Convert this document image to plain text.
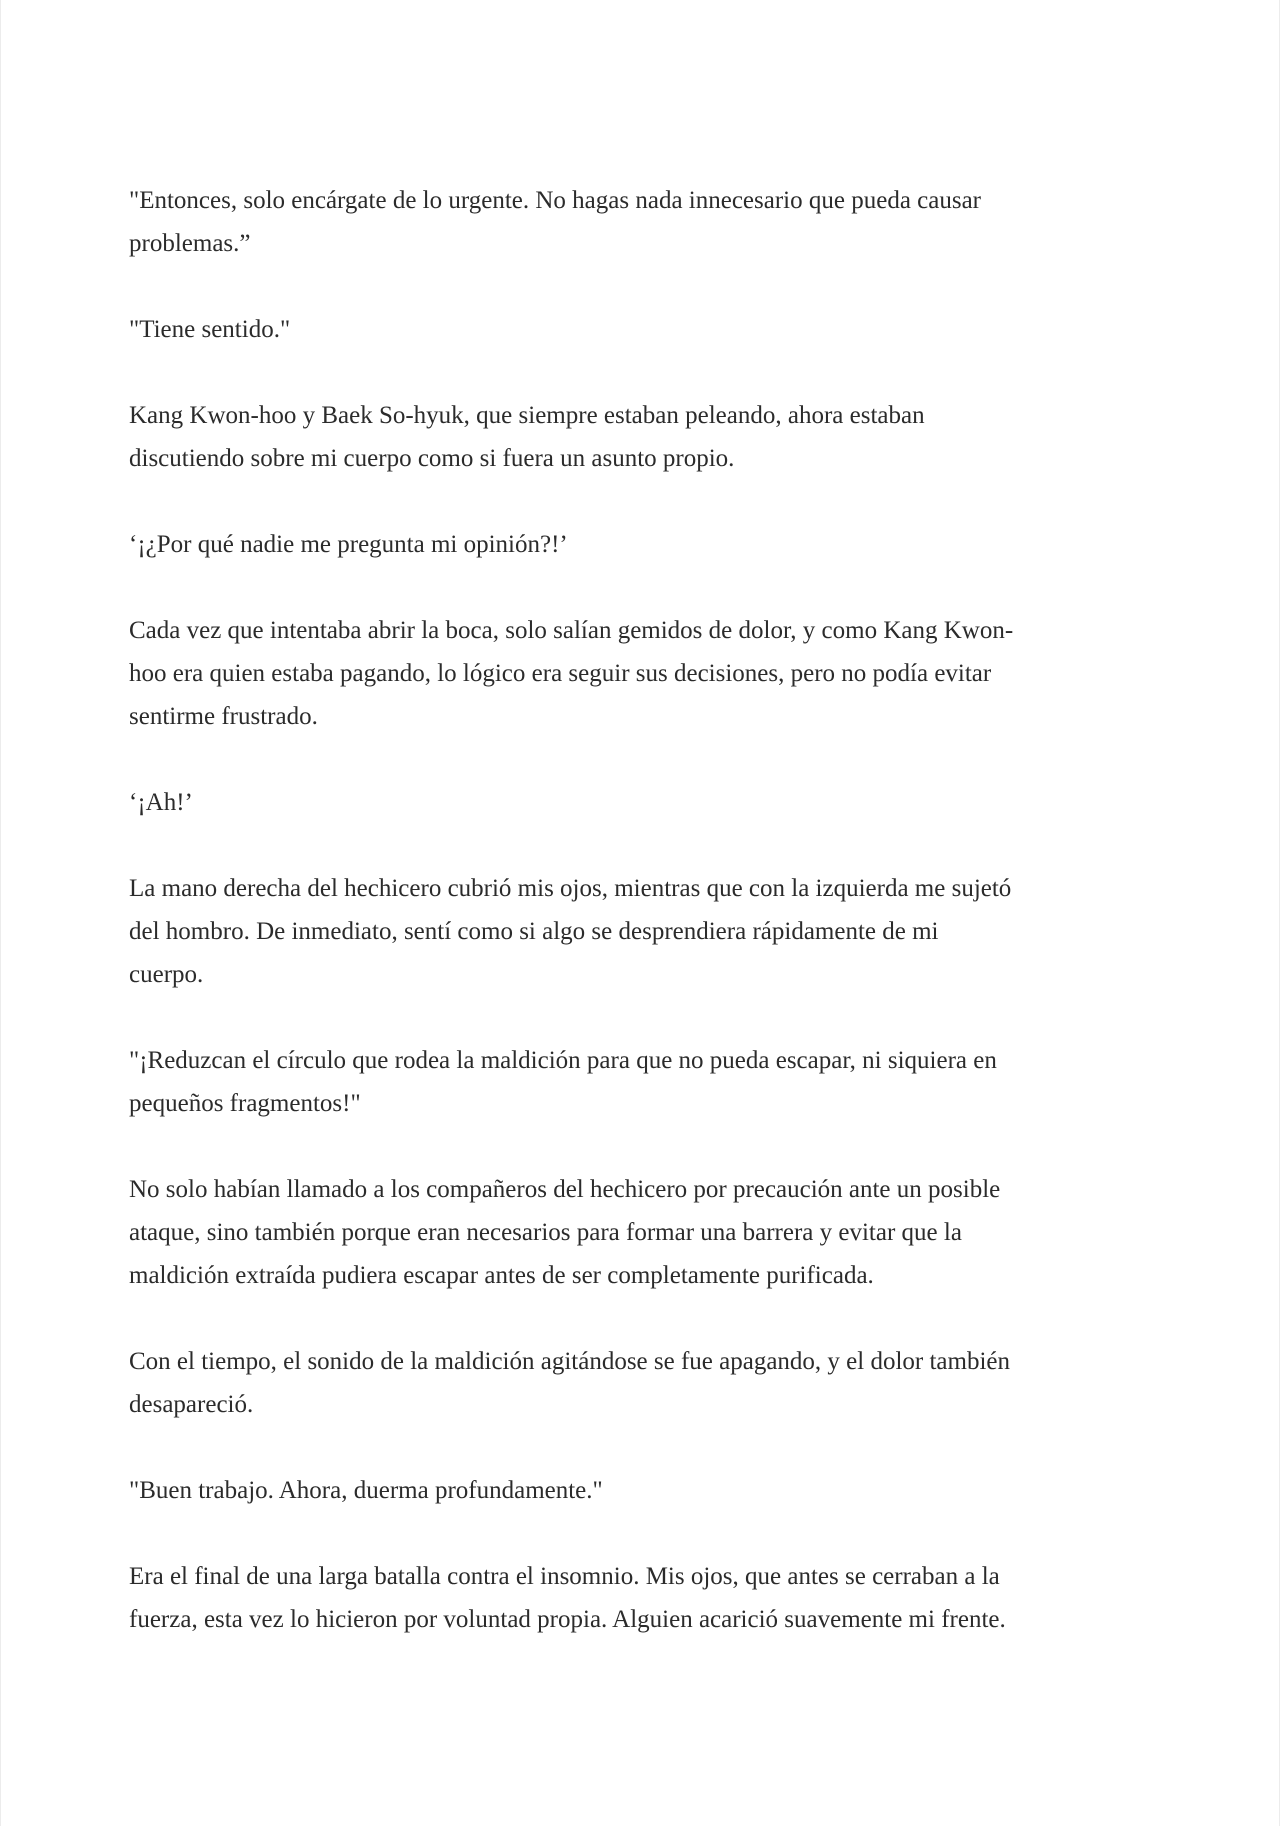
"Entonces, solo encárgate de lo urgente. No hagas nada innecesario que pueda causar
problemas.”

"Tiene sentido."

Kang Kwon-hoo y Baek So-hyuk, que siempre estaban peleando, ahora estaban
discutiendo sobre mi cuerpo como si fuera un asunto propio.

‘¡¿Por qué nadie me pregunta mi opinión?!’

Cada vez que intentaba abrir la boca, solo salían gemidos de dolor, y como Kang Kwon-
hoo era quien estaba pagando, lo lógico era seguir sus decisiones, pero no podía evitar
sentirme frustrado.

‘¡Ah!’

La mano derecha del hechicero cubrió mis ojos, mientras que con la izquierda me sujetó
del hombro. De inmediato, sentí como si algo se desprendiera rápidamente de mi
cuerpo.

"¡Reduzcan el círculo que rodea la maldición para que no pueda escapar, ni siquiera en
pequeños fragmentos!"

No solo habían llamado a los compañeros del hechicero por precaución ante un posible
ataque, sino también porque eran necesarios para formar una barrera y evitar que la
maldición extraída pudiera escapar antes de ser completamente purificada.

Con el tiempo, el sonido de la maldición agitándose se fue apagando, y el dolor también
desapareció.

"Buen trabajo. Ahora, duerma profundamente."

Era el final de una larga batalla contra el insomnio. Mis ojos, que antes se cerraban a la
fuerza, esta vez lo hicieron por voluntad propia. Alguien acarició suavemente mi frente.
